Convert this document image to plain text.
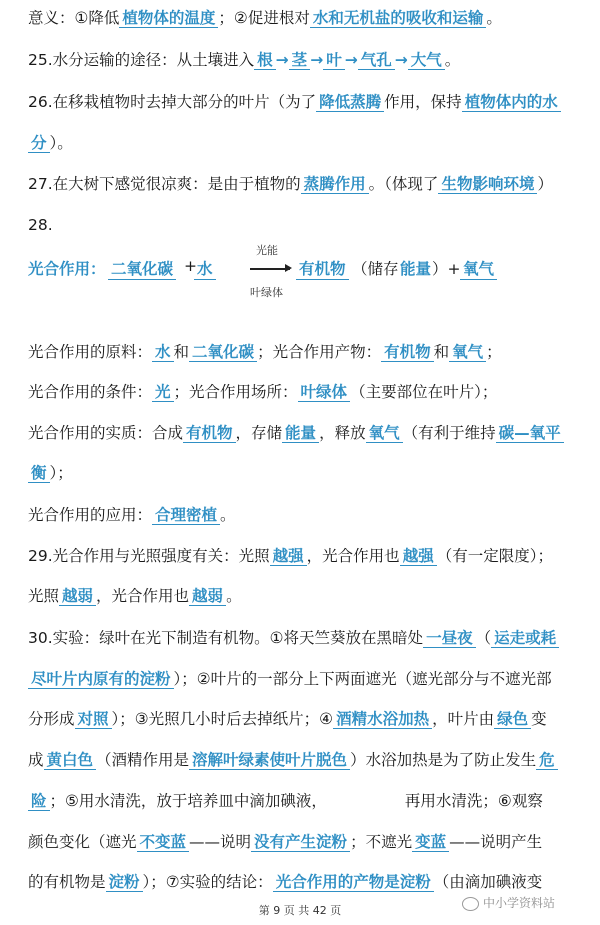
意义：①降低 植物体的温度 ；②促进根对 水和无机盐的吸收和运输 。
25.水分运输的途径：从土壤进入 根 → 茎 → 叶 → 气孔 → 大气 。
26.在移栽植物时去掉大部分的叶片（为了 降低蒸腾 作用，保持 植物体内的水
分 ）。
27.在大树下感觉很凉爽：是由于植物的 蒸腾作用 。（体现了 生物影响环境 ）
28.
光合作用： 二氧化碳 + 水
光能
叶绿体
有机物 （储存 能量 ）+ 氧气
光合作用的原料： 水 和 二氧化碳 ；光合作用产物： 有机物 和 氧气 ；
光合作用的条件： 光 ；光合作用场所： 叶绿体 （主要部位在叶片）；
光合作用的实质：合成 有机物 ，存储 能量 ，释放 氧气 （有利于维持 碳—氧平
衡 ）；
光合作用的应用： 合理密植 。
29.光合作用与光照强度有关：光照 越强 ，光合作用也 越强 （有一定限度）；
光照 越弱 ，光合作用也 越弱 。
30.实验：绿叶在光下制造有机物。①将天竺葵放在黑暗处 一昼夜 （ 运走或耗
尽叶片内原有的淀粉 ）；②叶片的一部分上下两面遮光（遮光部分与不遮光部
分形成 对照 ）；③光照几小时后去掉纸片；④ 酒精水浴加热 ，叶片由 绿色 变
成 黄白色 （酒精作用是 溶解叶绿素使叶片脱色 ）水浴加热是为了防止发生 危
险 ；⑤用水清洗，放于培养皿中滴加碘液，	再用水清洗；⑥观察
颜色变化（遮光 不变蓝 ——说明 没有产生淀粉 ；不遮光 变蓝 ——说明产生
的有机物是 淀粉 ）；⑦实验的结论： 光合作用的产物是淀粉 （由滴加碘液变
第 9 页 共 42 页
中小学资料站
